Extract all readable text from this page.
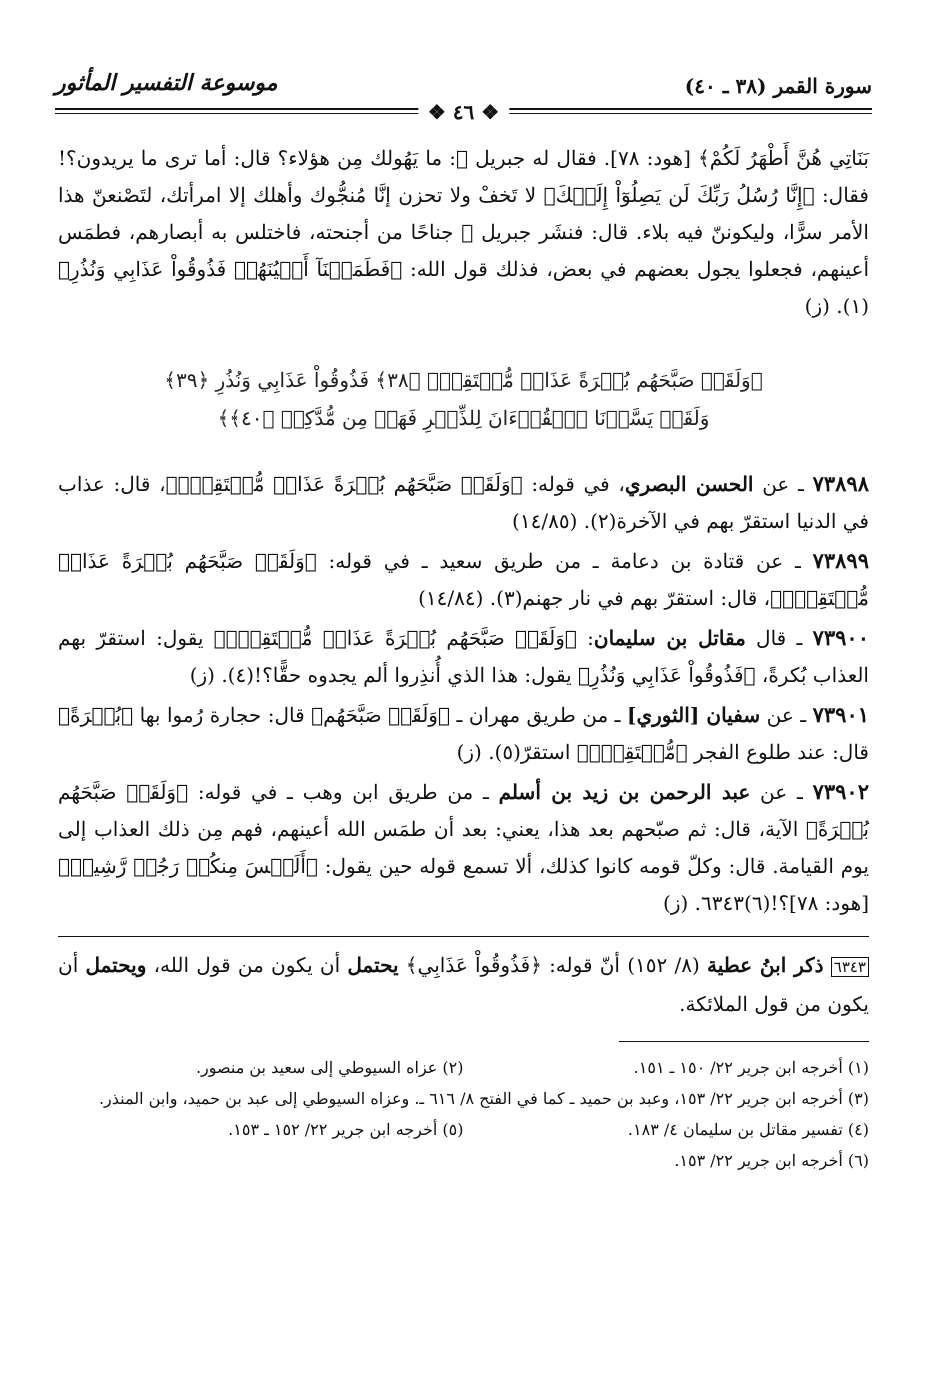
سورة القمر (٣٨ ـ ٤٠)
موسوعة التفسير المأثور
❖ ٤٦ ❖

بَنَاتِي هُنَّ أَطْهَرُ لَكُمْ﴾ [هود: ٧٨]. فقال له جبريل ﷺ: ما يَهُولك مِن هؤلاء؟ قال: أما ترى ما يريدون؟! فقال: ﴿إِنَّا رُسُلُ رَبِّكَ لَن يَصِلُوٓاْ إِلَيۡكَ﴾ لا تَخفْ ولا تحزن إنَّا مُنجُّوك وأهلك إلا امرأتك، لتَصْنعنّ هذا الأمر سرًّا، وليكوننّ فيه بلاء. قال: فنشَر جبريل ﷺ جناحًا من أجنحته، فاختلس به أبصارهم، فطمَس أعينهم، فجعلوا يجول بعضهم في بعض، فذلك قول الله: ﴿فَطَمَسۡنَآ أَعۡيُنَهُمۡ فَذُوقُواْ عَذَابِي وَنُذُرِ﴾(١). (ز)

﴿وَلَقَدۡ صَبَّحَهُم بُكۡرَةً عَذَابٞ مُّسۡتَقِرّٞ ﴿٣٨﴾ فَذُوقُواْ عَذَابِي وَنُذُرِ ﴿٣٩﴾
وَلَقَدۡ يَسَّرۡنَا ٱلۡقُرۡءَانَ لِلذِّكۡرِ فَهَلۡ مِن مُّدَّكِرٖ ﴿٤٠﴾﴾

٧٣٨٩٨ ـ عن الحسن البصري، في قوله: ﴿وَلَقَدۡ صَبَّحَهُم بُكۡرَةً عَذَابٞ مُّسۡتَقِرّٞ﴾، قال: عذاب في الدنيا استقرّ بهم في الآخرة(٢). (١٤/٨٥)

٧٣٨٩٩ ـ عن قتادة بن دعامة ـ من طريق سعيد ـ في قوله: ﴿وَلَقَدۡ صَبَّحَهُم بُكۡرَةً عَذَابٞ مُّسۡتَقِرّٞ﴾، قال: استقرّ بهم في نار جهنم(٣). (١٤/٨٤)

٧٣٩٠٠ ـ قال مقاتل بن سليمان: ﴿وَلَقَدۡ صَبَّحَهُم بُكۡرَةً عَذَابٞ مُّسۡتَقِرّٞ﴾ يقول: استقرّ بهم العذاب بُكرةً، ﴿فَذُوقُواْ عَذَابِي وَنُذُرِ﴾ يقول: هذا الذي أُنذِروا ألم يجدوه حقًّا؟!(٤). (ز)

٧٣٩٠١ ـ عن سفيان [الثوري] ـ من طريق مهران ـ ﴿وَلَقَدۡ صَبَّحَهُم﴾ قال: حجارة رُموا بها ﴿بُكۡرَةً﴾ قال: عند طلوع الفجر ﴿مُّسۡتَقِرّٞ﴾ استقرّ(٥). (ز)

٧٣٩٠٢ ـ عن عبد الرحمن بن زيد بن أسلم ـ من طريق ابن وهب ـ في قوله: ﴿وَلَقَدۡ صَبَّحَهُم بُكۡرَةً﴾ الآية، قال: ثم صبّحهم بعد هذا، يعني: بعد أن طمَس الله أعينهم، فهم مِن ذلك العذاب إلى يوم القيامة. قال: وكلّ قومه كانوا كذلك، ألا تسمع قوله حين يقول: ﴿أَلَيۡسَ مِنكُمۡ رَجُلٞ رَّشِيدٞ﴾ [هود: ٧٨]؟!(٦)٦٣٤٣. (ز)

٦٣٤٣ ذكر ابنُ عطية (٨/ ١٥٢) أنّ قوله: ﴿فَذُوقُواْ عَذَابِي﴾ يحتمل أن يكون من قول الله، ويحتمل أن يكون من قول الملائكة.

(١) أخرجه ابن جرير ٢٢/ ١٥٠ ـ ١٥١.
(٢) عزاه السيوطي إلى سعيد بن منصور.
(٣) أخرجه ابن جرير ٢٢/ ١٥٣، وعبد بن حميد ـ كما في الفتح ٨/ ٦١٦ ـ. وعزاه السيوطي إلى عبد بن حميد، وابن المنذر.
(٤) تفسير مقاتل بن سليمان ٤/ ١٨٣.
(٥) أخرجه ابن جرير ٢٢/ ١٥٢ ـ ١٥٣.
(٦) أخرجه ابن جرير ٢٢/ ١٥٣.
